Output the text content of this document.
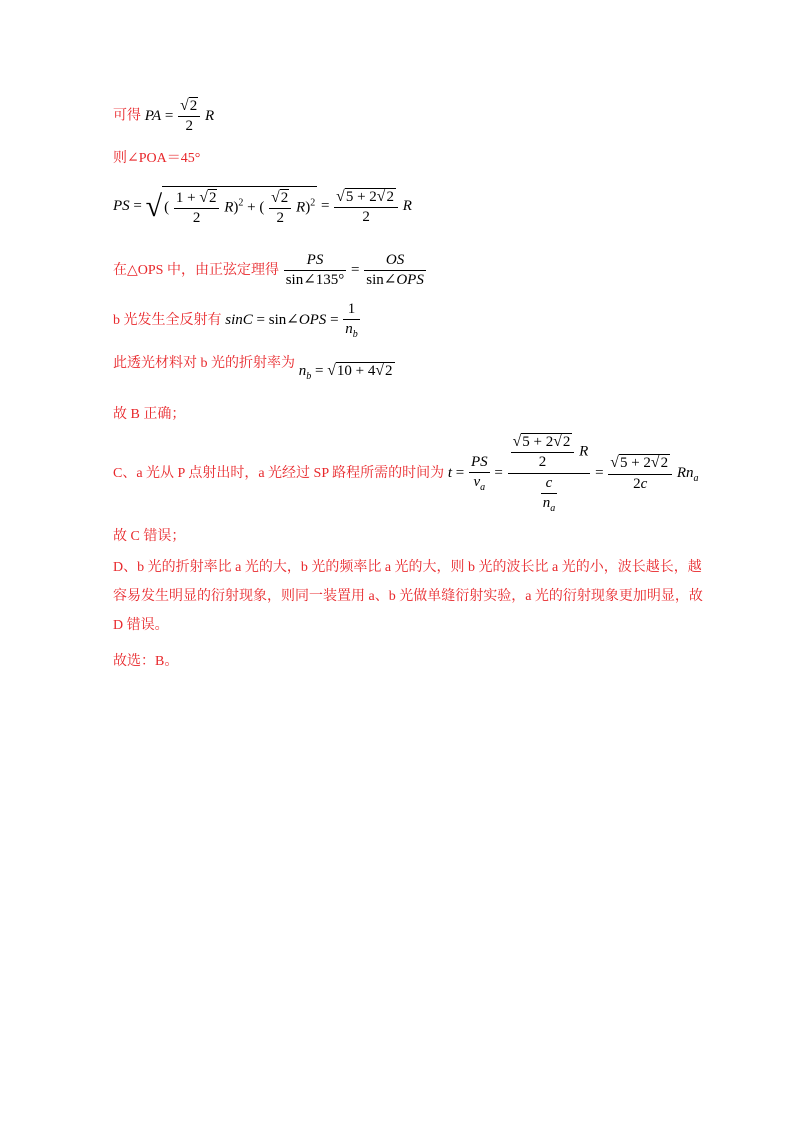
可得 PA = $\frac{√2}{2}$ R
则∠POA＝45°
PS = √ ( $\frac{1 + √2}{2} R)^2$ + ( $\frac{√2}{2} R)^2 = \frac{√5 + 2√2}{2}$ R
在△OPS 中，由正弦定理得 $\frac{PS}{\sin\angle 135^\circ} = \frac{OS}{\text{sin∠OPS}}$
b 光发生全反射有 sinC = sin∠OPS = $\frac{1}{n_b}$
此透光材料对 b 光的折射率为 $n_b = √10 + 4√2$
故 B 正确；
C、a 光从 P 点射出时，a 光经过 SP 路程所需的时间为 $t = \frac{PS}{v_a} = \frac{\frac{√5 + 2√2}{2} R}{\frac{c}{n_a}} = \frac{√5 + 2√2}{2c} Rn_a$
故 C 错误；
D、b 光的折射率比 a 光的大，b 光的频率比 a 光的大，则 b 光的波长比 a 光的小，波长越长，越容易发生明显的衍射现象，则同一装置用 a、b 光做单缝衍射实验，a 光的衍射现象更加明显，故 D 错误。
故选：B。
